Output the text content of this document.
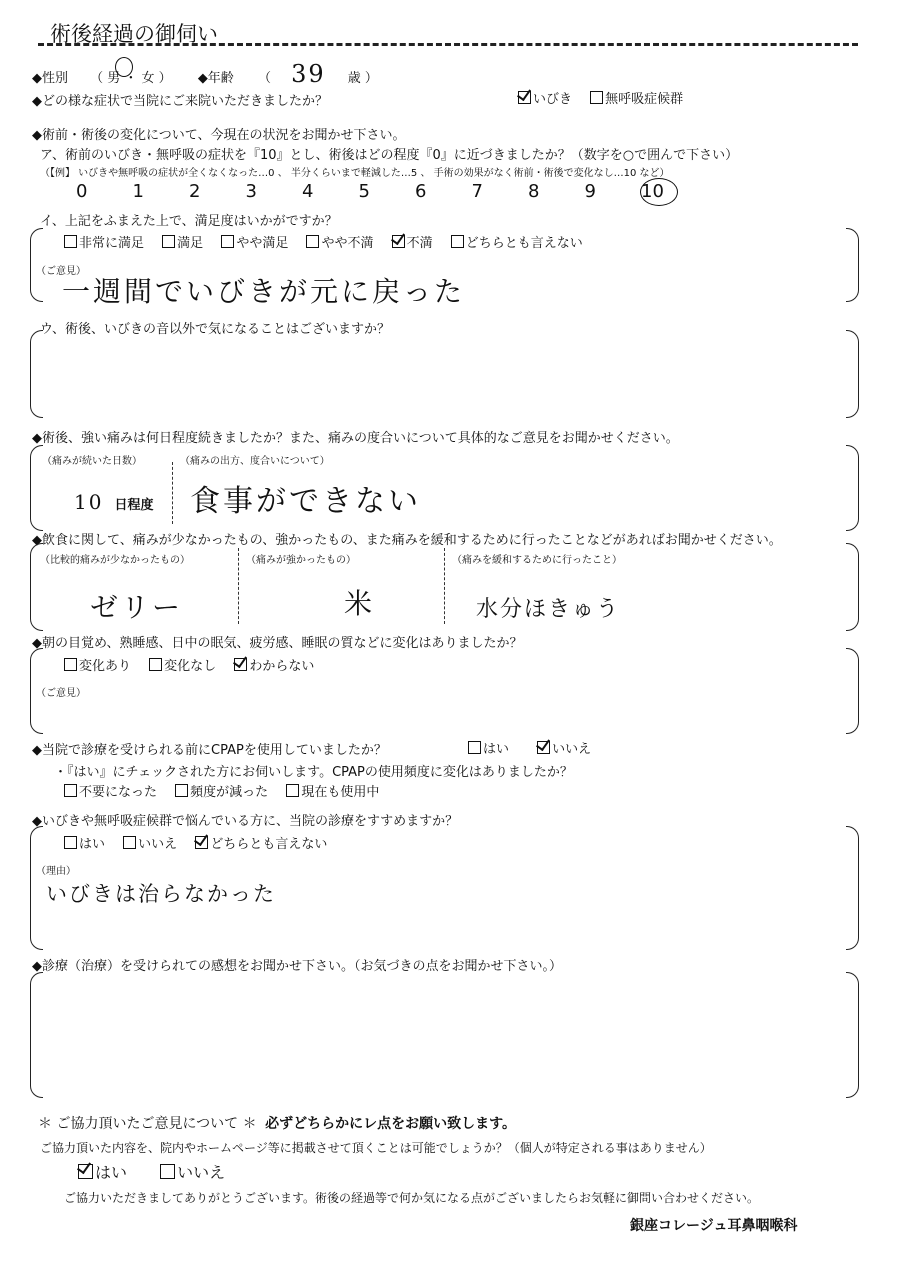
術後経過の御伺い
◆性別 （ 男 ・ 女 ） ◆年齢 （ 39 歳 ）
◆どの様な症状で当院にご来院いただきましたか？	いびき	無呼吸症候群
◆術前・術後の変化について、今現在の状況をお聞かせ下さい。
ア、術前のいびき・無呼吸の症状を『10』とし、術後はどの程度『0』に近づきましたか？（数字を○で囲んで下さい）
（【例】 いびきや無呼吸の症状が全くなくなった…0 、 半分くらいまで軽減した…5 、 手術の効果がなく術前・術後で変化なし…10 など）
0	1	2	3	4	5	6	7	8	9	10
イ、上記をふまえた上で、満足度はいかがですか？
非常に満足	満足	やや満足	やや不満	不満	どちらとも言えない
（ご意見）
一週間でいびきが元に戻った
ウ、術後、いびきの音以外で気になることはございますか？
◆術後、強い痛みは何日程度続きましたか？また、痛みの度合いについて具体的なご意見をお聞かせください。
（痛みが続いた日数）	（痛みの出方、度合いについて）
10 日程度 食事ができない
◆飲食に関して、痛みが少なかったもの、強かったもの、また痛みを緩和するために行ったことなどがあればお聞かせください。
（比較的痛みが少なかったもの）	（痛みが強かったもの）	（痛みを緩和するために行ったこと）
ゼリー	米	水分ほきゅう
◆朝の目覚め、熟睡感、日中の眠気、疲労感、睡眠の質などに変化はありましたか？
変化あり	変化なし	わからない
（ご意見）
◆当院で診療を受けられる前にCPAPを使用していましたか？	はい	いいえ
・『はい』にチェックされた方にお伺いします。CPAPの使用頻度に変化はありましたか？
不要になった	頻度が減った	現在も使用中
◆いびきや無呼吸症候群で悩んでいる方に、当院の診療をすすめますか？
はい	いいえ	どちらとも言えない
（理由）
いびきは治らなかった
◆診療（治療）を受けられての感想をお聞かせ下さい。（お気づきの点をお聞かせ下さい。）
＊ ご協力頂いたご意見について ＊ 必ずどちらかにレ点をお願い致します。
ご協力頂いた内容を、院内やホームページ等に掲載させて頂くことは可能でしょうか？（個人が特定される事はありません）
はい	いいえ
ご協力いただきましてありがとうございます。術後の経過等で何か気になる点がございましたらお気軽に御問い合わせください。
銀座コレージュ耳鼻咽喉科
